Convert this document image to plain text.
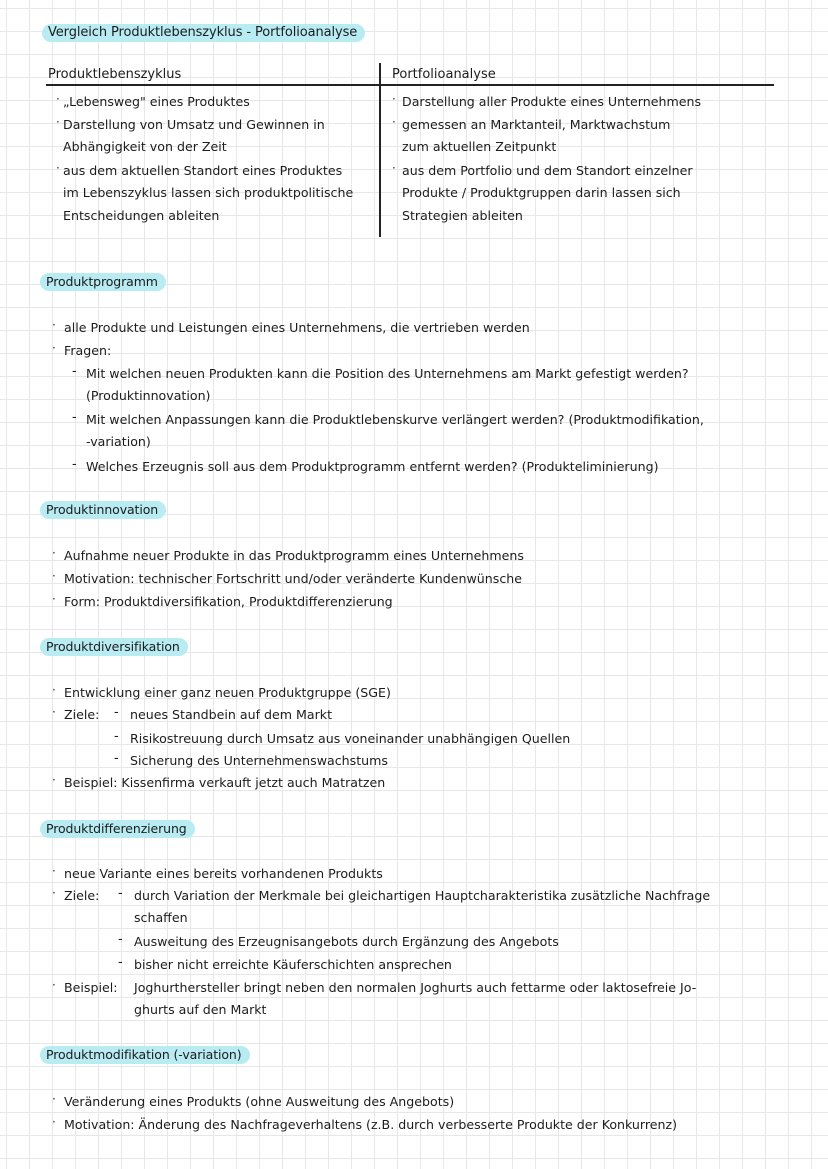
Vergleich Produktlebenszyklus - Portfolioanalyse
Produktlebenszyklus	Portfolioanalyse
· „Lebensweg" eines Produktes
· Darstellung von Umsatz und Gewinnen in
Abhängigkeit von der Zeit
· aus dem aktuellen Standort eines Produktes
im Lebenszyklus lassen sich produktpolitische
Entscheidungen ableiten
· Darstellung aller Produkte eines Unternehmens
· gemessen an Marktanteil, Marktwachstum
zum aktuellen Zeitpunkt
· aus dem Portfolio und dem Standort einzelner
Produkte / Produktgruppen darin lassen sich
Strategien ableiten
Produktprogramm
· alle Produkte und Leistungen eines Unternehmens, die vertrieben werden
· Fragen:
- Mit welchen neuen Produkten kann die Position des Unternehmens am Markt gefestigt werden?
(Produktinnovation)
- Mit welchen Anpassungen kann die Produktlebenskurve verlängert werden? (Produktmodifikation,
-variation)
- Welches Erzeugnis soll aus dem Produktprogramm entfernt werden? (Produkteliminierung)
Produktinnovation
· Aufnahme neuer Produkte in das Produktprogramm eines Unternehmens
· Motivation: technischer Fortschritt und/oder veränderte Kundenwünsche
· Form: Produktdiversifikation, Produktdifferenzierung
Produktdiversifikation
· Entwicklung einer ganz neuen Produktgruppe (SGE)
· Ziele: - neues Standbein auf dem Markt
- Risikostreuung durch Umsatz aus voneinander unabhängigen Quellen
- Sicherung des Unternehmenswachstums
· Beispiel: Kissenfirma verkauft jetzt auch Matratzen
Produktdifferenzierung
· neue Variante eines bereits vorhandenen Produkts
· Ziele: - durch Variation der Merkmale bei gleichartigen Hauptcharakteristika zusätzliche Nachfrage
schaffen
- Ausweitung des Erzeugnisangebots durch Ergänzung des Angebots
- bisher nicht erreichte Käuferschichten ansprechen
· Beispiel: Joghurthersteller bringt neben den normalen Joghurts auch fettarme oder laktosefreie Jo-
ghurts auf den Markt
Produktmodifikation (-variation)
· Veränderung eines Produkts (ohne Ausweitung des Angebots)
· Motivation: Änderung des Nachfrageverhaltens (z.B. durch verbesserte Produkte der Konkurrenz)
